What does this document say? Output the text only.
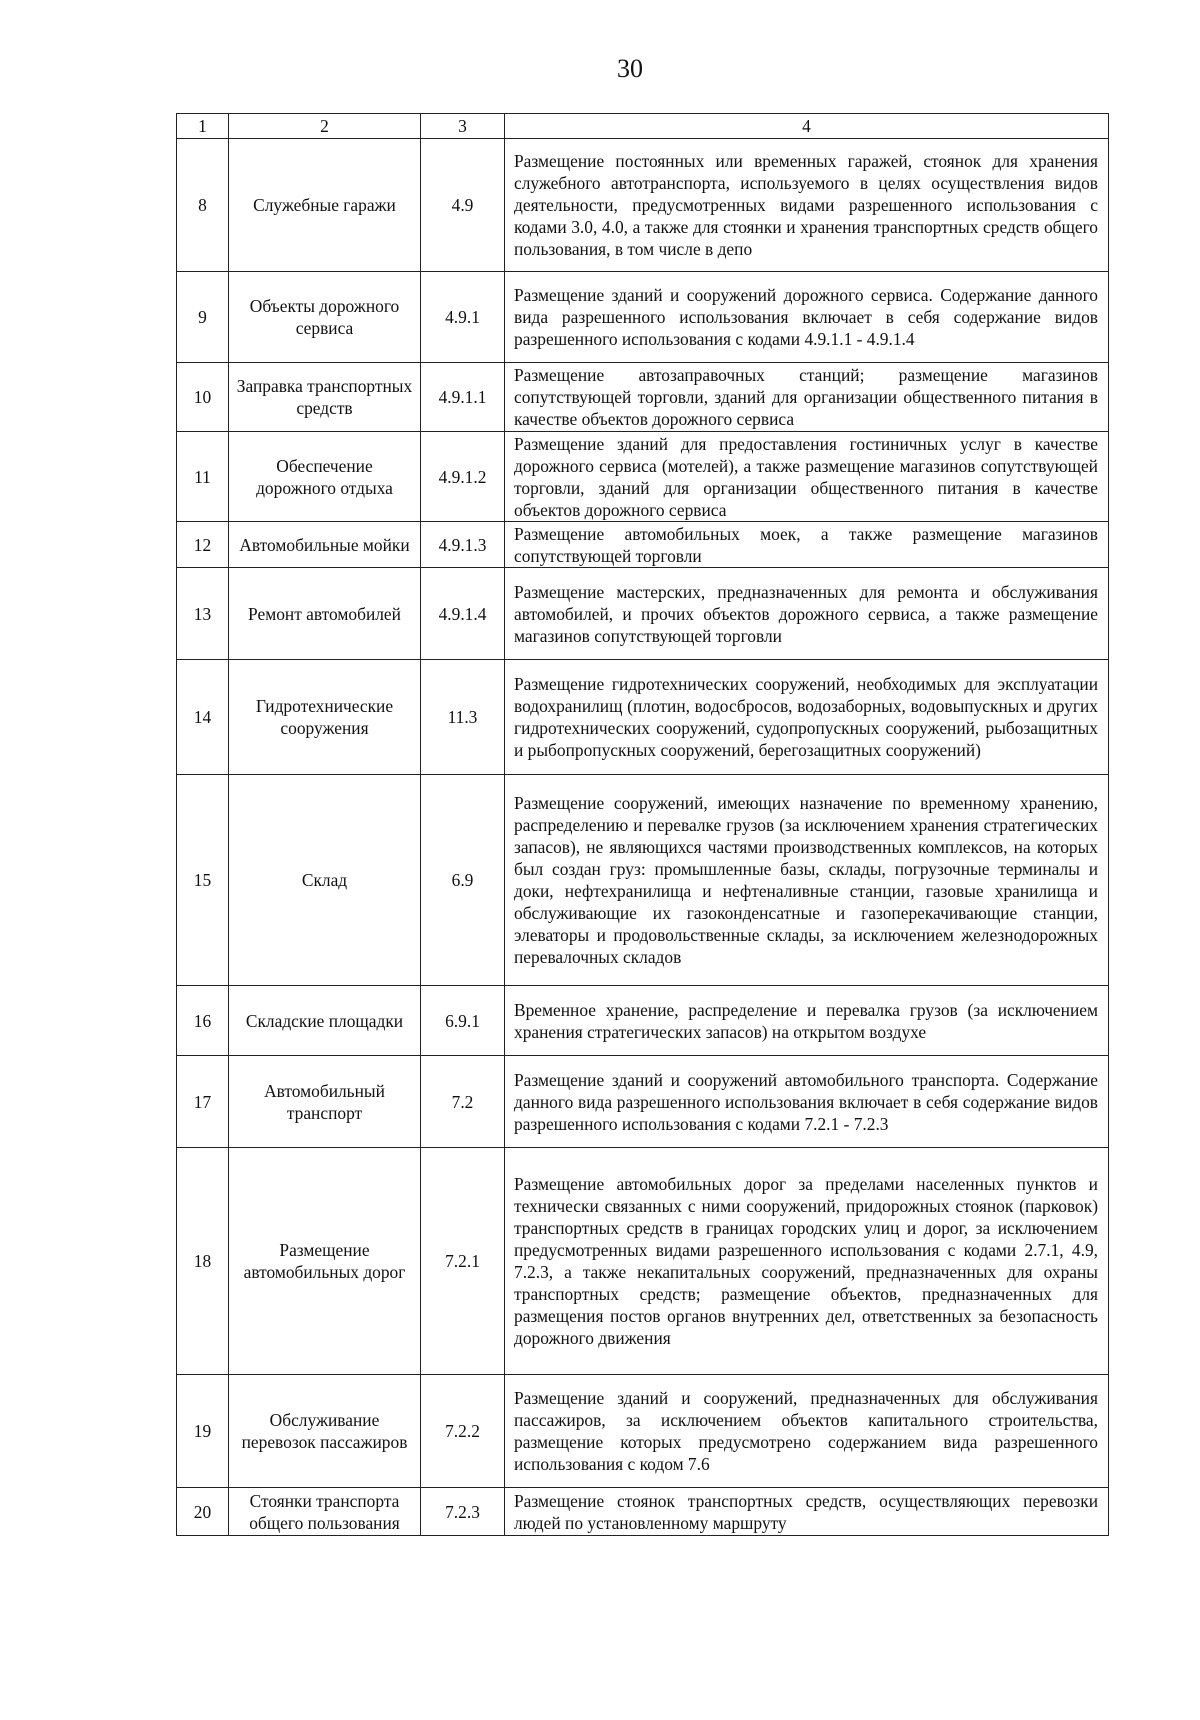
30
1	2	3	4
8	Служебные гаражи	4.9	Размещение постоянных или временных гаражей, стоянок для хранения служебного автотранспорта, используемого в целях осуществления видов деятельности, предусмотренных видами разрешенного использования с кодами 3.0, 4.0, а также для стоянки и хранения транспортных средств общего пользования, в том числе в депо
9	Объекты дорожного сервиса	4.9.1	Размещение зданий и сооружений дорожного сервиса. Содержание данного вида разрешенного использования включает в себя содержание видов разрешенного использования с кодами 4.9.1.1 - 4.9.1.4
10	Заправка транспортных средств	4.9.1.1	Размещение автозаправочных станций; размещение магазинов сопутствующей торговли, зданий для организации общественного питания в качестве объектов дорожного сервиса
11	Обеспечение дорожного отдыха	4.9.1.2	Размещение зданий для предоставления гостиничных услуг в качестве дорожного сервиса (мотелей), а также размещение магазинов сопутствующей торговли, зданий для организации общественного питания в качестве объектов дорожного сервиса
12	Автомобильные мойки	4.9.1.3	Размещение автомобильных моек, а также размещение магазинов сопутствующей торговли
13	Ремонт автомобилей	4.9.1.4	Размещение мастерских, предназначенных для ремонта и обслуживания автомобилей, и прочих объектов дорожного сервиса, а также размещение магазинов сопутствующей торговли
14	Гидротехнические сооружения	11.3	Размещение гидротехнических сооружений, необходимых для эксплуатации водохранилищ (плотин, водосбросов, водозаборных, водовыпускных и других гидротехнических сооружений, судопропускных сооружений, рыбозащитных и рыбопропускных сооружений, берегозащитных сооружений)
15	Склад	6.9	Размещение сооружений, имеющих назначение по временному хранению, распределению и перевалке грузов (за исключением хранения стратегических запасов), не являющихся частями производственных комплексов, на которых был создан груз: промышленные базы, склады, погрузочные терминалы и доки, нефтехранилища и нефтеналивные станции, газовые хранилища и обслуживающие их газоконденсатные и газоперекачивающие станции, элеваторы и продовольственные склады, за исключением железнодорожных перевалочных складов
16	Складские площадки	6.9.1	Временное хранение, распределение и перевалка грузов (за исключением хранения стратегических запасов) на открытом воздухе
17	Автомобильный транспорт	7.2	Размещение зданий и сооружений автомобильного транспорта. Содержание данного вида разрешенного использования включает в себя содержание видов разрешенного использования с кодами 7.2.1 - 7.2.3
18	Размещение автомобильных дорог	7.2.1	Размещение автомобильных дорог за пределами населенных пунктов и технически связанных с ними сооружений, придорожных стоянок (парковок) транспортных средств в границах городских улиц и дорог, за исключением предусмотренных видами разрешенного использования с кодами 2.7.1, 4.9, 7.2.3, а также некапитальных сооружений, предназначенных для охраны транспортных средств; размещение объектов, предназначенных для размещения постов органов внутренних дел, ответственных за безопасность дорожного движения
19	Обслуживание перевозок пассажиров	7.2.2	Размещение зданий и сооружений, предназначенных для обслуживания пассажиров, за исключением объектов капитального строительства, размещение которых предусмотрено содержанием вида разрешенного использования с кодом 7.6
20	Стоянки транспорта общего пользования	7.2.3	Размещение стоянок транспортных средств, осуществляющих перевозки людей по установленному маршруту
